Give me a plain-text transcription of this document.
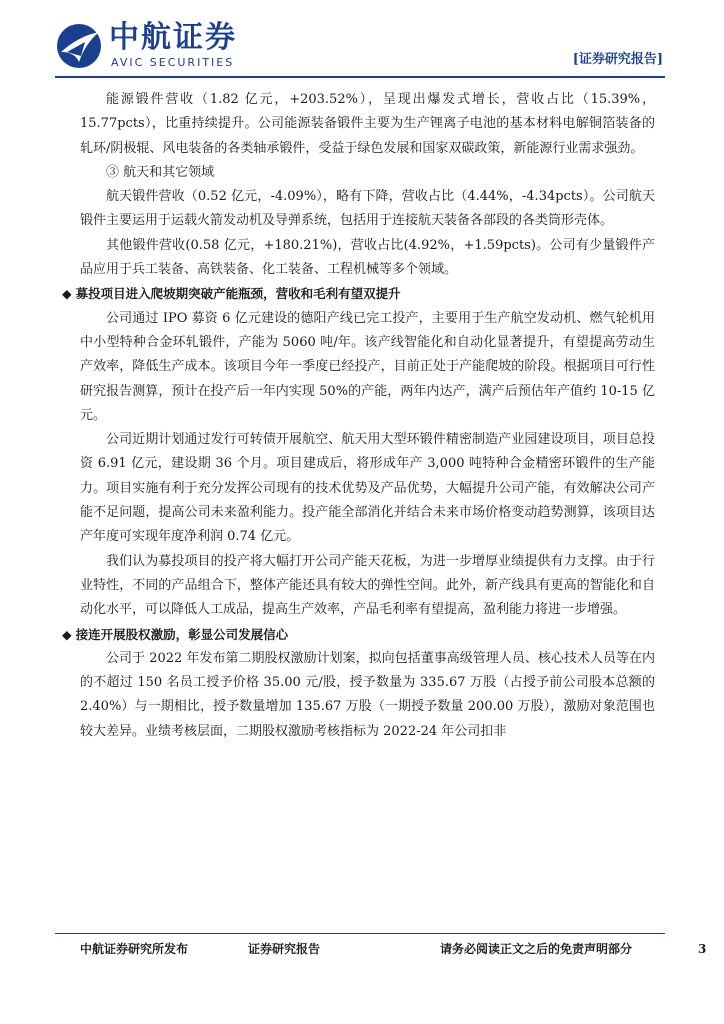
中航证券
AVIC SECURITIES	[证券研究报告]

能源锻件营收（1.82 亿元，+203.52%），呈现出爆发式增长，营收占比（15.39%，15.77pcts），比重持续提升。公司能源装备锻件主要为生产锂离子电池的基本材料电解铜箔装备的轧环/阴极辊、风电装备的各类轴承锻件，受益于绿色发展和国家双碳政策，新能源行业需求强劲。

③ 航天和其它领域

航天锻件营收（0.52 亿元，-4.09%），略有下降，营收占比（4.44%，-4.34pcts）。公司航天锻件主要运用于运载火箭发动机及导弹系统，包括用于连接航天装备各部段的各类筒形壳体。

其他锻件营收(0.58 亿元，+180.21%)，营收占比(4.92%，+1.59pcts)。公司有少量锻件产品应用于兵工装备、高铁装备、化工装备、工程机械等多个领域。

◆ 募投项目进入爬坡期突破产能瓶颈，营收和毛利有望双提升

公司通过 IPO 募资 6 亿元建设的德阳产线已完工投产，主要用于生产航空发动机、燃气轮机用中小型特种合金环轧锻件，产能为 5060 吨/年。该产线智能化和自动化显著提升，有望提高劳动生产效率，降低生产成本。该项目今年一季度已经投产，目前正处于产能爬坡的阶段。根据项目可行性研究报告测算，预计在投产后一年内实现 50%的产能，两年内达产，满产后预估年产值约 10-15 亿元。

公司近期计划通过发行可转债开展航空、航天用大型环锻件精密制造产业园建设项目，项目总投资 6.91 亿元，建设期 36 个月。项目建成后，将形成年产 3,000 吨特种合金精密环锻件的生产能力。项目实施有利于充分发挥公司现有的技术优势及产品优势，大幅提升公司产能，有效解决公司产能不足问题，提高公司未来盈利能力。投产能全部消化并结合未来市场价格变动趋势测算，该项目达产年度可实现年度净利润 0.74 亿元。

我们认为募投项目的投产将大幅打开公司产能天花板，为进一步增厚业绩提供有力支撑。由于行业特性，不同的产品组合下，整体产能还具有较大的弹性空间。此外，新产线具有更高的智能化和自动化水平，可以降低人工成品，提高生产效率，产品毛利率有望提高，盈利能力将进一步增强。

◆ 接连开展股权激励，彰显公司发展信心

公司于 2022 年发布第二期股权激励计划案，拟向包括董事高级管理人员、核心技术人员等在内的不超过 150 名员工授予价格 35.00 元/股，授予数量为 335.67 万股（占授予前公司股本总额的 2.40%）与一期相比，授予数量增加 135.67 万股（一期授予数量 200.00 万股），激励对象范围也较大差异。业绩考核层面，二期股权激励考核指标为 2022-24 年公司扣非

中航证券研究所发布	证券研究报告	请务必阅读正文之后的免责声明部分	3
